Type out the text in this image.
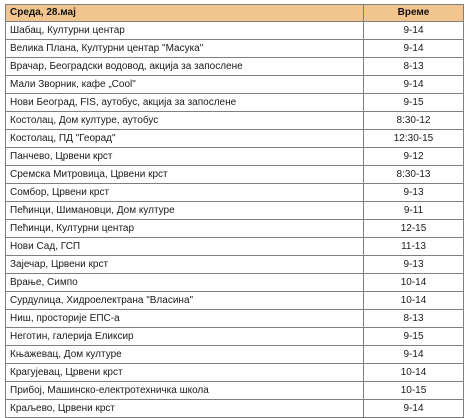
Среда, 28.мај	Време
Шабац, Културни центар	9-14
Велика Плана, Културни центар "Масука"	9-14
Врачар, Београдски водовод, акција за запослене	8-13
Мали Зворник, кафе „Cool"	9-14
Нови Београд, FIS, аутобус, акција за запослене	9-15
Костолац, Дом културе, аутобус	8:30-12
Костолац, ПД "Георад"	12:30-15
Панчево, Црвени крст	9-12
Сремска Митровица, Црвени крст	8:30-13
Сомбор, Црвени крст	9-13
Пећинци, Шимановци, Дом културе	9-11
Пећинци, Културни центар	12-15
Нови Сад, ГСП	11-13
Зајечар, Црвени крст	9-13
Врање, Симпо	10-14
Сурдулица, Хидроелектрана "Власина"	10-14
Ниш, просторије ЕПС-а	8-13
Неготин, галерија Еликсир	9-15
Књажевац, Дом културе	9-14
Крагујевац, Црвени крст	10-14
Прибој, Машинско-електротехничка школа	10-15
Краљево, Црвени крст	9-14
